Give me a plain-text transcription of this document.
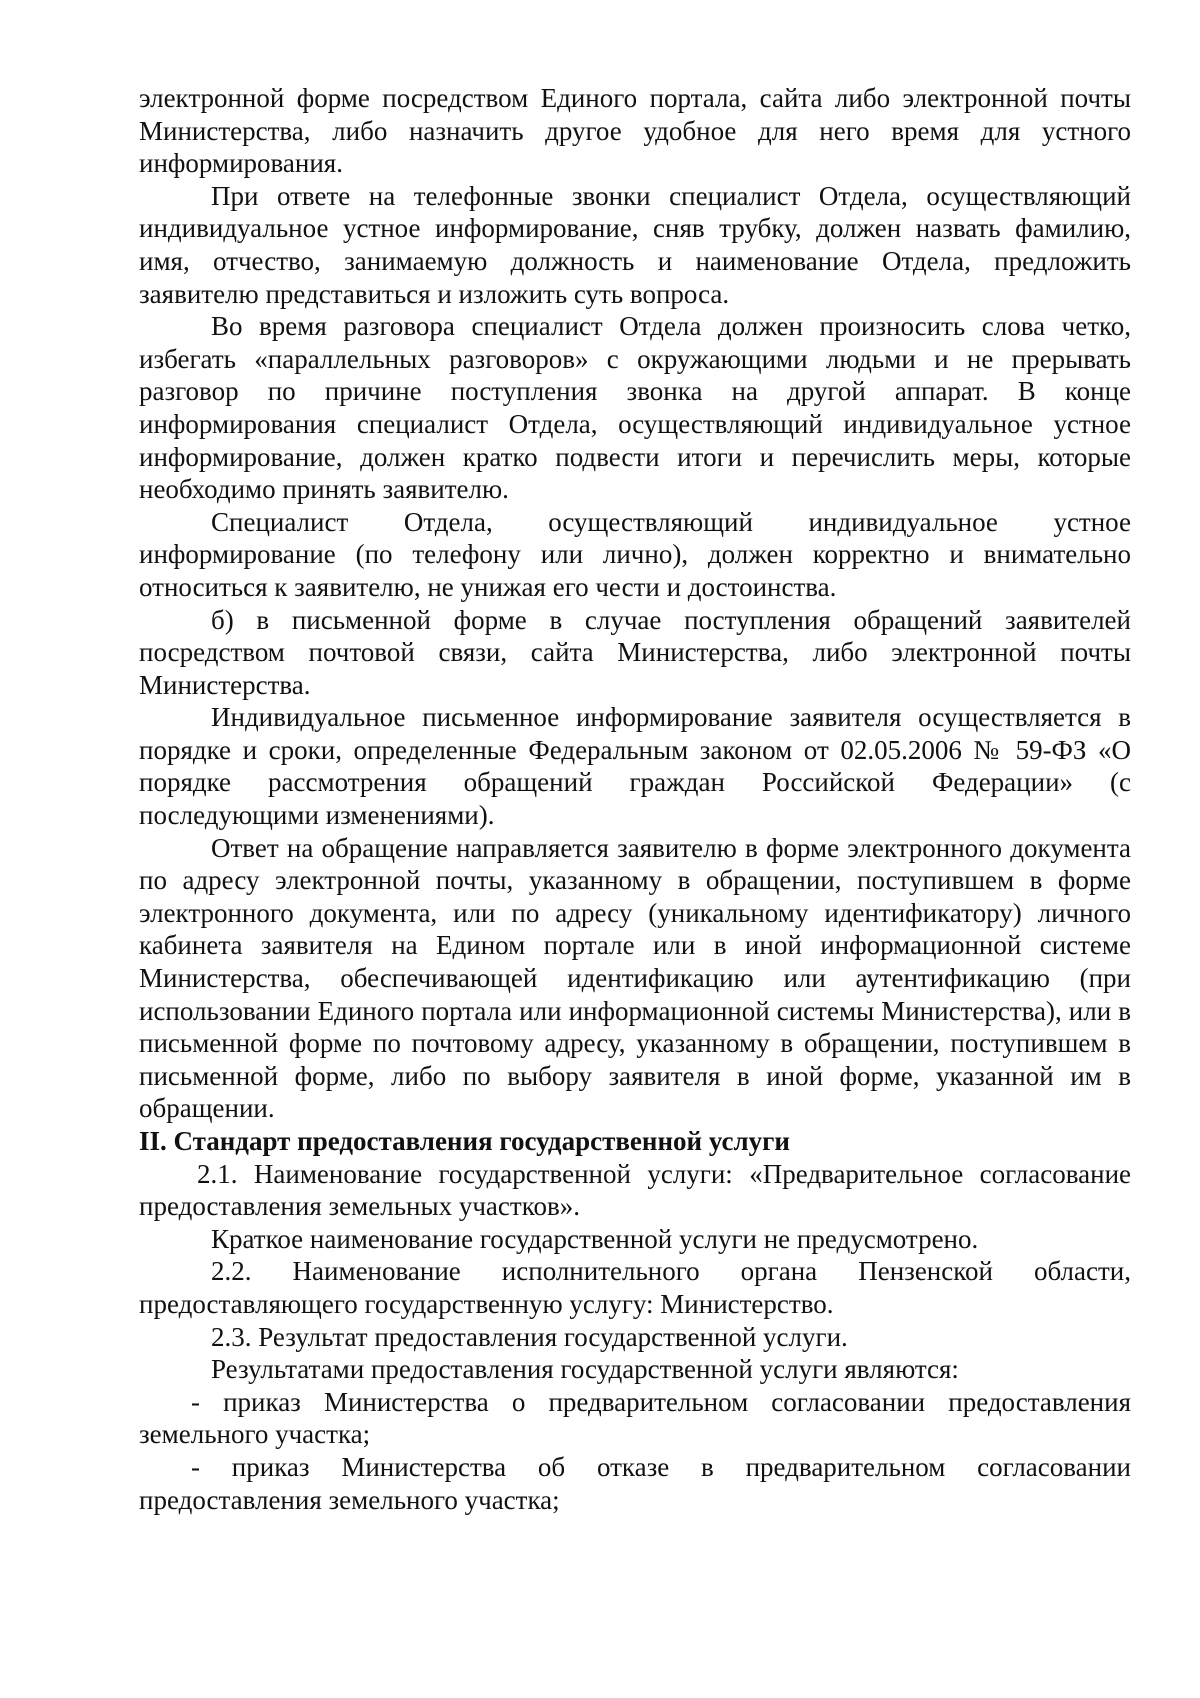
электронной форме посредством Единого портала, сайта либо электронной почты Министерства, либо назначить другое удобное для него время для устного информирования.

При ответе на телефонные звонки специалист Отдела, осуществляющий индивидуальное устное информирование, сняв трубку, должен назвать фамилию, имя, отчество, занимаемую должность и наименование Отдела, предложить заявителю представиться и изложить суть вопроса.

Во время разговора специалист Отдела должен произносить слова четко, избегать «параллельных разговоров» с окружающими людьми и не прерывать разговор по причине поступления звонка на другой аппарат. В конце информирования специалист Отдела, осуществляющий индивидуальное устное информирование, должен кратко подвести итоги и перечислить меры, которые необходимо принять заявителю.

Специалист Отдела, осуществляющий индивидуальное устное информирование (по телефону или лично), должен корректно и внимательно относиться к заявителю, не унижая его чести и достоинства.

б) в письменной форме в случае поступления обращений заявителей посредством почтовой связи, сайта Министерства, либо электронной почты Министерства.

Индивидуальное письменное информирование заявителя осуществляется в порядке и сроки, определенные Федеральным законом от 02.05.2006 № 59-ФЗ «О порядке рассмотрения обращений граждан Российской Федерации» (с последующими изменениями).

Ответ на обращение направляется заявителю в форме электронного документа по адресу электронной почты, указанному в обращении, поступившем в форме электронного документа, или по адресу (уникальному идентификатору) личного кабинета заявителя на Едином портале или в иной информационной системе Министерства, обеспечивающей идентификацию или аутентификацию (при использовании Единого портала или информационной системы Министерства), или в письменной форме по почтовому адресу, указанному в обращении, поступившем в письменной форме, либо по выбору заявителя в иной форме, указанной им в обращении.

II. Стандарт предоставления государственной услуги

2.1. Наименование государственной услуги: «Предварительное согласование предоставления земельных участков».

Краткое наименование государственной услуги не предусмотрено.

2.2. Наименование исполнительного органа Пензенской области, предоставляющего государственную услугу: Министерство.

2.3. Результат предоставления государственной услуги.

Результатами предоставления государственной услуги являются:

- приказ Министерства о предварительном согласовании предоставления земельного участка;

- приказ Министерства об отказе в предварительном согласовании предоставления земельного участка;
